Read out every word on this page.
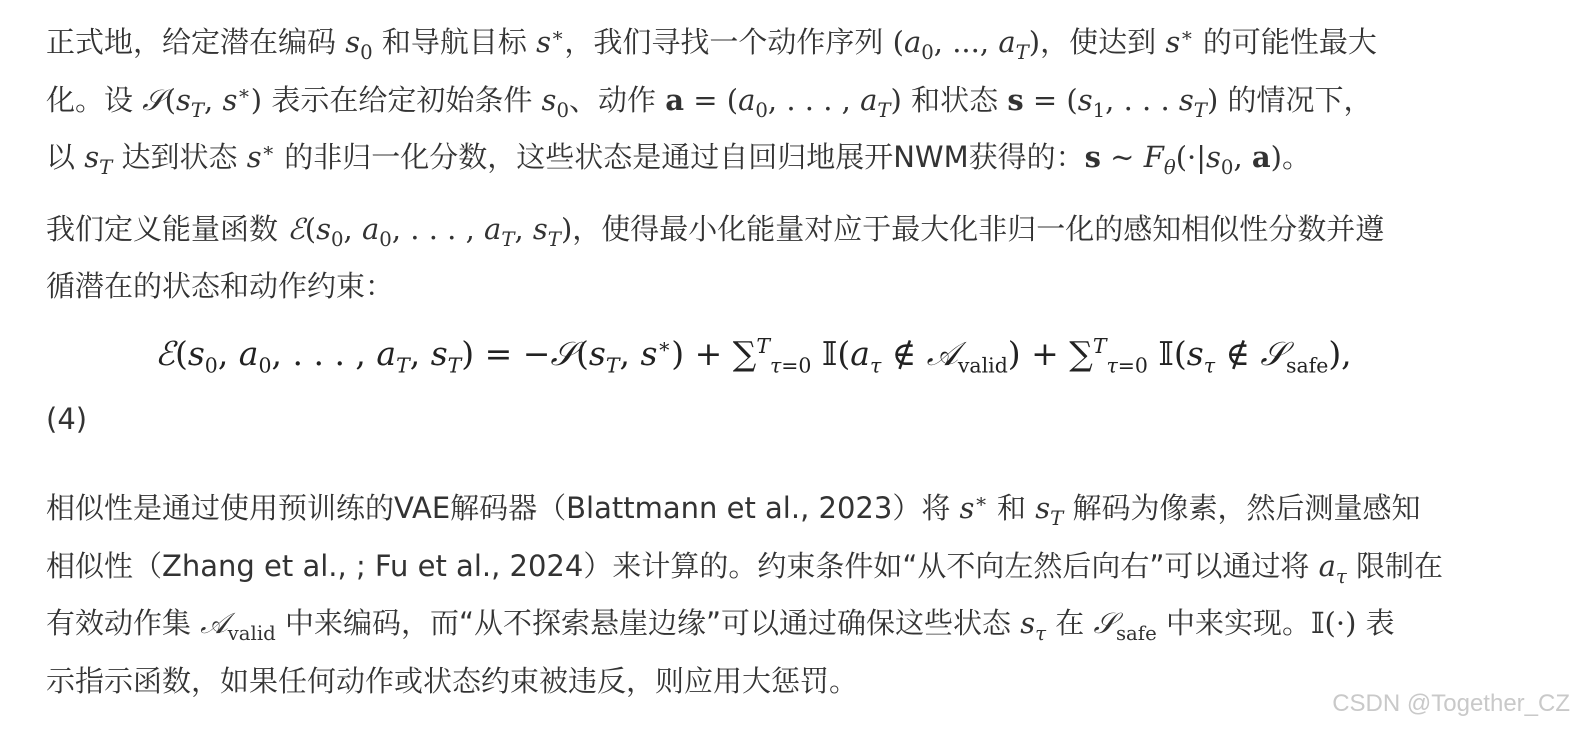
正式地，给定潜在编码 $s_0$ 和导航目标 s∗，我们寻找一个动作序列 ($a_0$, ..., $a_T$)，使达到 s∗ 的可能性最大
化。设 $𝒮(s_T$, s∗) 表示在给定初始条件 $s_0$、动作 $a = (a_0$, . . . , $a_T$) 和状态 $s = (s_1$, . . . $s_T$) 的情况下，
以 $s_T$ 达到状态 s∗ 的非归一化分数，这些状态是通过自回归地展开NWM获得的：s ∼ $F_\theta(\cdot|s_0$, a)。

我们定义能量函数 $ℰ(s_0$, $a_0$, . . . , $a_T$, $s_T$)，使得最小化能量对应于最大化非归一化的感知相似性分数并遵
循潜在的状态和动作约束：

$ℰ(s_0$, $a_0$, . . . , $a_T$, $s_T$) = $-𝒮(s_T$, s∗) + ∑$^T_{\tau=0}$ $𝕀(a_\tau$ ∉ 𝒜$_{valid}$) + ∑$^T_{\tau=0}$ $𝕀(s_\tau$ ∉ 𝒮$_{safe}$),
(4)

相似性是通过使用预训练的VAE解码器（Blattmann et al., 2023）将 s∗ 和 $s_T$ 解码为像素，然后测量感知
相似性（Zhang et al., ; Fu et al., 2024）来计算的。约束条件如“从不向左然后向右”可以通过将 $a_\tau$ 限制在
有效动作集 𝒜$_{valid}$ 中来编码，而“从不探索悬崖边缘”可以通过确保这些状态 $s_\tau$ 在 𝒮$_{safe}$ 中来实现。𝕀(·) 表
示指示函数，如果任何动作或状态约束被违反，则应用大惩罚。

CSDN @Together_CZ
